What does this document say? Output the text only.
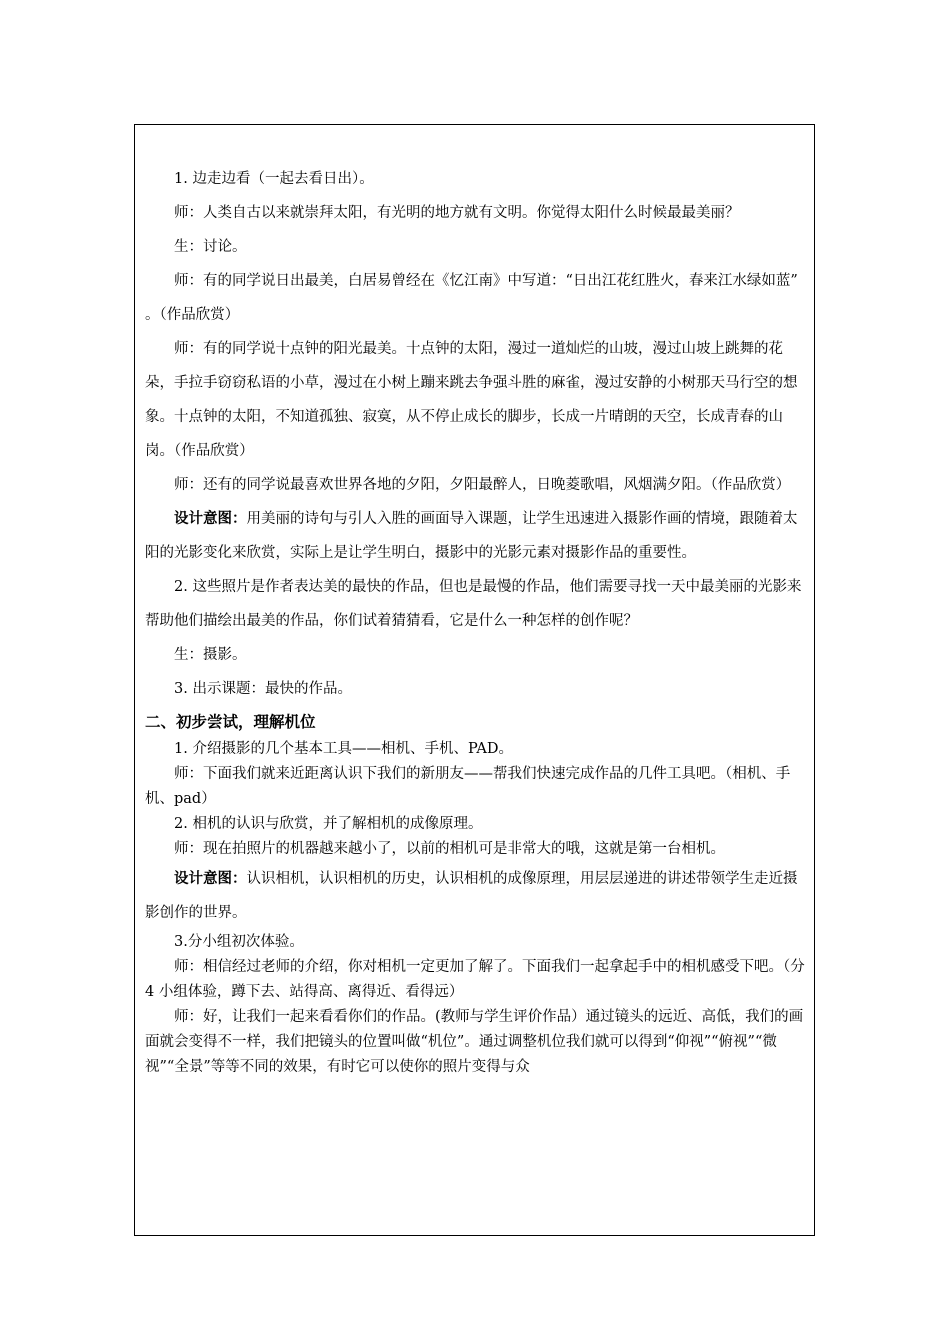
1. 边走边看（一起去看日出）。

师：人类自古以来就崇拜太阳，有光明的地方就有文明。你觉得太阳什么时候最最美丽？

生：讨论。

师：有的同学说日出最美，白居易曾经在《忆江南》中写道：“日出江花红胜火，春来江水绿如蓝” 。（作品欣赏）

师：有的同学说十点钟的阳光最美。十点钟的太阳，漫过一道灿烂的山坡，漫过山坡上跳舞的花朵，手拉手窃窃私语的小草，漫过在小树上蹦来跳去争强斗胜的麻雀，漫过安静的小树那天马行空的想象。十点钟的太阳，不知道孤独、寂寞，从不停止成长的脚步，长成一片晴朗的天空，长成青春的山岗。（作品欣赏）

师：还有的同学说最喜欢世界各地的夕阳，夕阳最醉人，日晚菱歌唱，风烟满夕阳。（作品欣赏）

设计意图：用美丽的诗句与引人入胜的画面导入课题，让学生迅速进入摄影作画的情境，跟随着太阳的光影变化来欣赏，实际上是让学生明白，摄影中的光影元素对摄影作品的重要性。

2. 这些照片是作者表达美的最快的作品，但也是最慢的作品，他们需要寻找一天中最美丽的光影来帮助他们描绘出最美的作品，你们试着猜猜看，它是什么一种怎样的创作呢？

生：摄影。

3. 出示课题：最快的作品。

二、初步尝试，理解机位

1. 介绍摄影的几个基本工具——相机、手机、PAD。

师：下面我们就来近距离认识下我们的新朋友——帮我们快速完成作品的几件工具吧。（相机、手机、pad）

2. 相机的认识与欣赏，并了解相机的成像原理。

师：现在拍照片的机器越来越小了，以前的相机可是非常大的哦，这就是第一台相机。

设计意图：认识相机，认识相机的历史，认识相机的成像原理，用层层递进的讲述带领学生走近摄影创作的世界。

3.分小组初次体验。

师：相信经过老师的介绍，你对相机一定更加了解了。下面我们一起拿起手中的相机感受下吧。（分 4 小组体验，蹲下去、站得高、离得近、看得远）

师：好，让我们一起来看看你们的作品。(教师与学生评价作品）通过镜头的远近、高低，我们的画面就会变得不一样，我们把镜头的位置叫做“机位”。通过调整机位我们就可以得到“仰视”“俯视”“微视”“全景”等等不同的效果，有时它可以使你的照片变得与众
